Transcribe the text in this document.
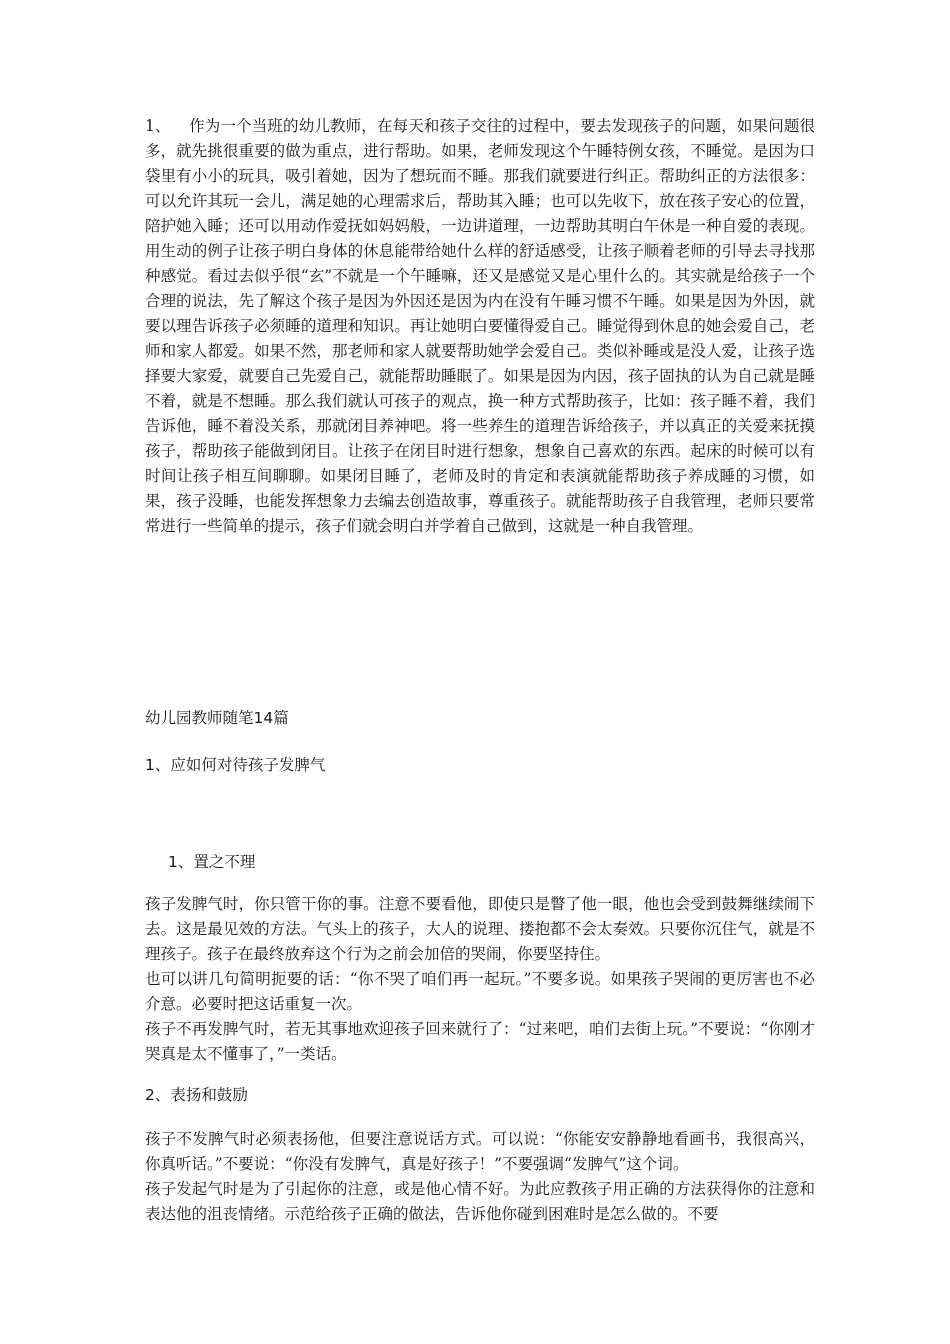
1、 作为一个当班的幼儿教师，在每天和孩子交往的过程中，要去发现孩子的问题，如果问题很多，就先挑很重要的做为重点，进行帮助。如果，老师发现这个午睡特例女孩，不睡觉。是因为口袋里有小小的玩具，吸引着她，因为了想玩而不睡。那我们就要进行纠正。帮助纠正的方法很多：可以允许其玩一会儿，满足她的心理需求后，帮助其入睡；也可以先收下，放在孩子安心的位置，陪护她入睡；还可以用动作爱抚如妈妈般，一边讲道理，一边帮助其明白午休是一种自爱的表现。用生动的例子让孩子明白身体的休息能带给她什么样的舒适感受，让孩子顺着老师的引导去寻找那种感觉。看过去似乎很“玄”不就是一个午睡嘛，还又是感觉又是心里什么的。其实就是给孩子一个合理的说法，先了解这个孩子是因为外因还是因为内在没有午睡习惯不午睡。如果是因为外因，就要以理告诉孩子必须睡的道理和知识。再让她明白要懂得爱自己。睡觉得到休息的她会爱自己，老师和家人都爱。如果不然，那老师和家人就要帮助她学会爱自己。类似补睡或是没人爱，让孩子选择要大家爱，就要自己先爱自己，就能帮助睡眠了。如果是因为内因，孩子固执的认为自己就是睡不着，就是不想睡。那么我们就认可孩子的观点，换一种方式帮助孩子，比如：孩子睡不着，我们告诉他，睡不着没关系，那就闭目养神吧。将一些养生的道理告诉给孩子，并以真正的关爱来抚摸孩子，帮助孩子能做到闭目。让孩子在闭目时进行想象，想象自己喜欢的东西。起床的时候可以有时间让孩子相互间聊聊。如果闭目睡了，老师及时的肯定和表演就能帮助孩子养成睡的习惯，如果，孩子没睡，也能发挥想象力去编去创造故事，尊重孩子。就能帮助孩子自我管理，老师只要常常进行一些简单的提示，孩子们就会明白并学着自己做到，这就是一种自我管理。

幼儿园教师随笔14篇

1、应如何对待孩子发脾气

1、置之不理

孩子发脾气时，你只管干你的事。注意不要看他，即使只是瞥了他一眼，他也会受到鼓舞继续闹下去。这是最见效的方法。气头上的孩子，大人的说理、搂抱都不会太奏效。只要你沉住气，就是不理孩子。孩子在最终放弃这个行为之前会加倍的哭闹，你要坚持住。
也可以讲几句简明扼要的话：“你不哭了咱们再一起玩。”不要多说。如果孩子哭闹的更厉害也不必介意。必要时把这话重复一次。
孩子不再发脾气时，若无其事地欢迎孩子回来就行了：“过来吧，咱们去街上玩。”不要说：“你刚才哭真是太不懂事了，”一类话。

2、表扬和鼓励

孩子不发脾气时必须表扬他，但要注意说话方式。可以说：“你能安安静静地看画书，我很高兴，你真听话。”不要说：“你没有发脾气，真是好孩子！”不要强调“发脾气”这个词。
孩子发起气时是为了引起你的注意，或是他心情不好。为此应教孩子用正确的方法获得你的注意和表达他的沮丧情绪。示范给孩子正确的做法，告诉他你碰到困难时是怎么做的。不要
